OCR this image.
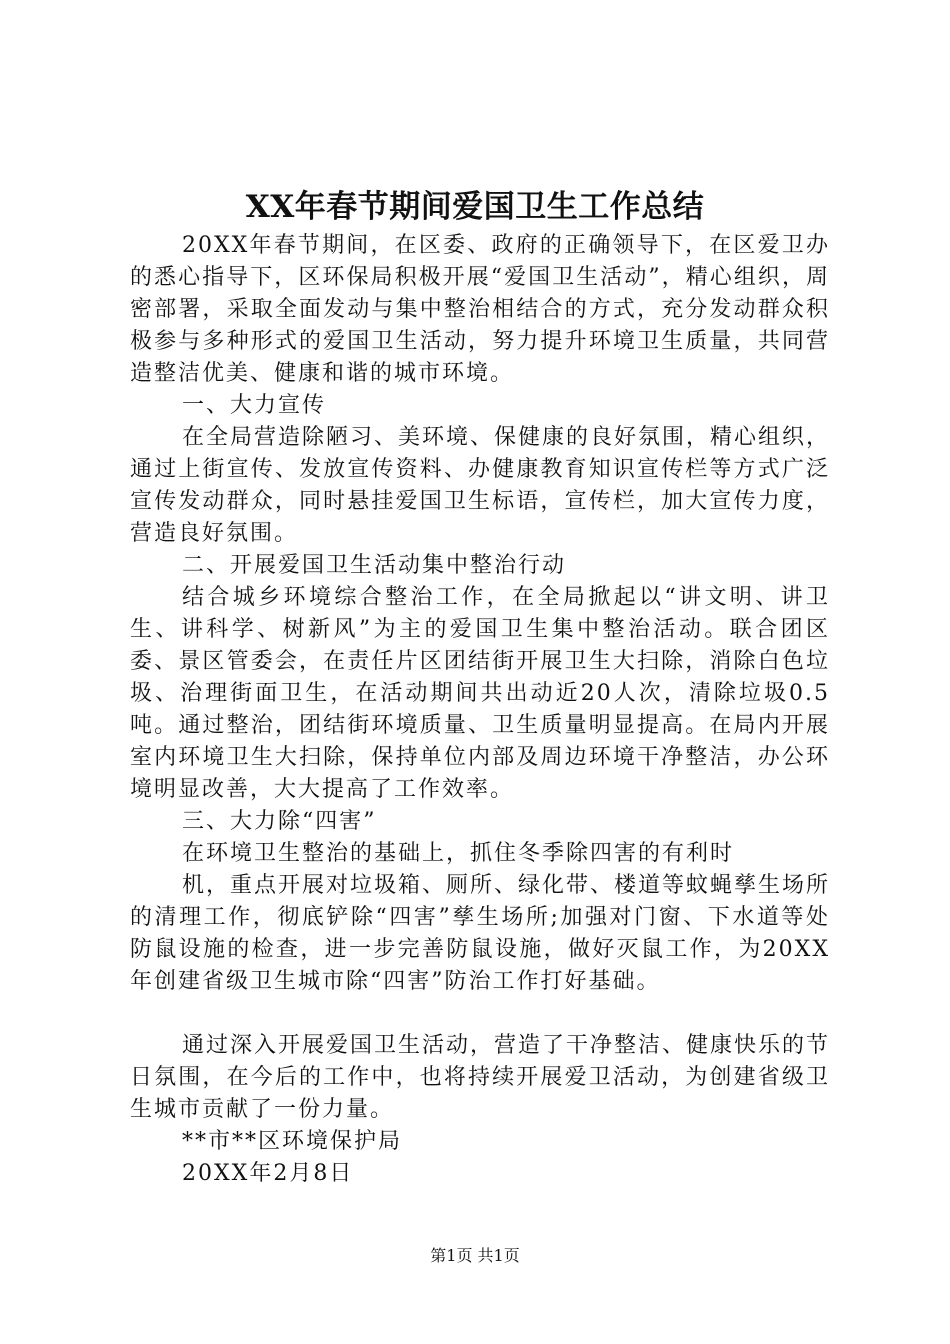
XX年春节期间爱国卫生工作总结

20XX年春节期间，在区委、政府的正确领导下，在区爱卫办的悉心指导下，区环保局积极开展“爱国卫生活动”，精心组织，周密部署，采取全面发动与集中整治相结合的方式，充分发动群众积极参与多种形式的爱国卫生活动，努力提升环境卫生质量，共同营造整洁优美、健康和谐的城市环境。

一、大力宣传

在全局营造除陋习、美环境、保健康的良好氛围，精心组织，通过上街宣传、发放宣传资料、办健康教育知识宣传栏等方式广泛宣传发动群众，同时悬挂爱国卫生标语，宣传栏，加大宣传力度，营造良好氛围。

二、开展爱国卫生活动集中整治行动

结合城乡环境综合整治工作，在全局掀起以“讲文明、讲卫生、讲科学、树新风”为主的爱国卫生集中整治活动。联合团区委、景区管委会，在责任片区团结街开展卫生大扫除，消除白色垃圾、治理街面卫生，在活动期间共出动近20人次，清除垃圾0.5吨。通过整治，团结街环境质量、卫生质量明显提高。在局内开展室内环境卫生大扫除，保持单位内部及周边环境干净整洁，办公环境明显改善，大大提高了工作效率。

三、大力除“四害”

在环境卫生整治的基础上，抓住冬季除四害的有利时

机，重点开展对垃圾箱、厕所、绿化带、楼道等蚊蝇孳生场所的清理工作，彻底铲除“四害”孳生场所;加强对门窗、下水道等处防鼠设施的检查，进一步完善防鼠设施，做好灭鼠工作，为20XX年创建省级卫生城市除“四害”防治工作打好基础。

通过深入开展爱国卫生活动，营造了干净整洁、健康快乐的节日氛围，在今后的工作中，也将持续开展爱卫活动，为创建省级卫生城市贡献了一份力量。

**市**区环境保护局

20XX年2月8日

第1页 共1页
